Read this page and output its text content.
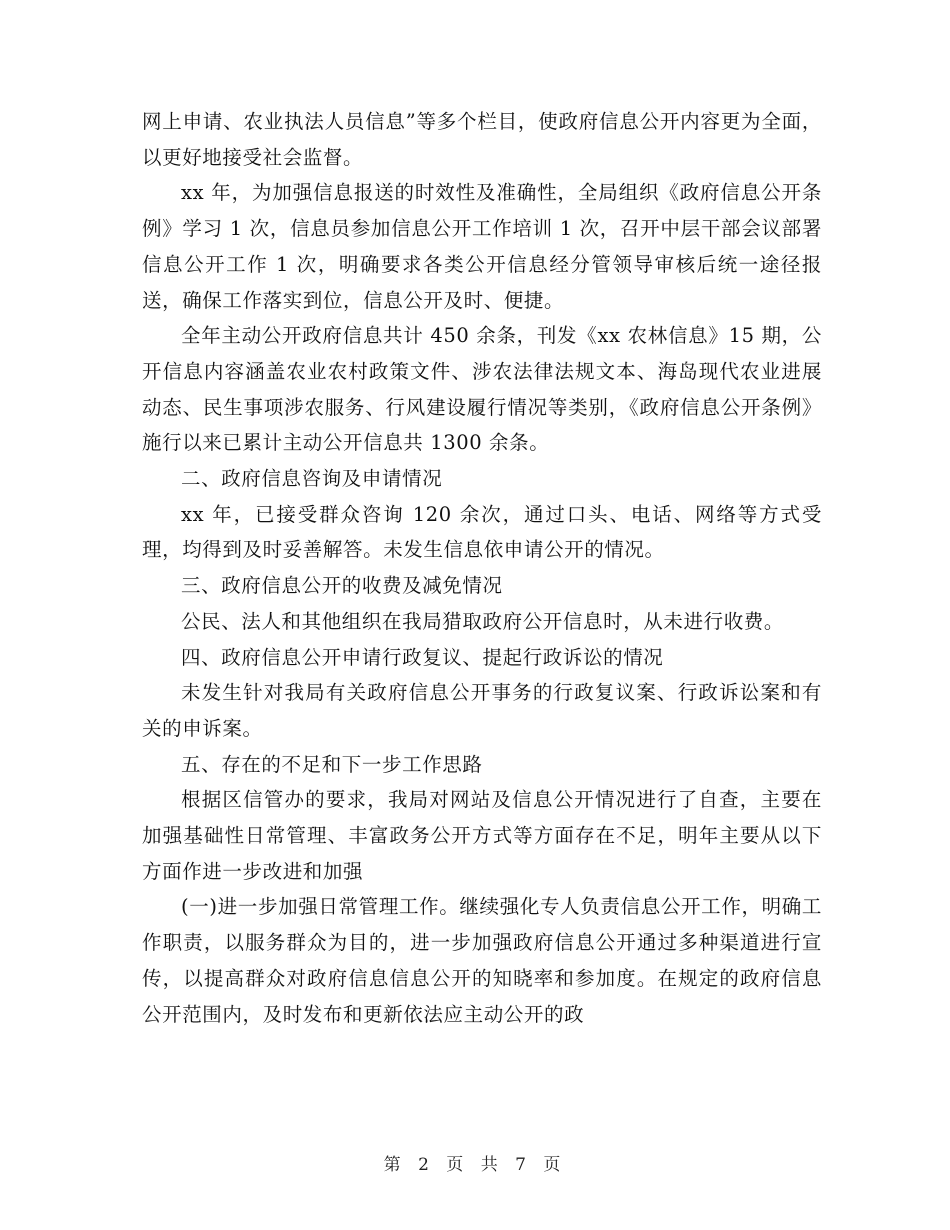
网上申请、农业执法人员信息”等多个栏目，使政府信息公开内容更为全面，以更好地接受社会监督。

xx 年，为加强信息报送的时效性及准确性，全局组织《政府信息公开条例》学习 1 次，信息员参加信息公开工作培训 1 次，召开中层干部会议部署信息公开工作 1 次，明确要求各类公开信息经分管领导审核后统一途径报送，确保工作落实到位，信息公开及时、便捷。

全年主动公开政府信息共计 450 余条，刊发《xx 农林信息》15 期，公开信息内容涵盖农业农村政策文件、涉农法律法规文本、海岛现代农业进展动态、民生事项涉农服务、行风建设履行情况等类别，《政府信息公开条例》施行以来已累计主动公开信息共 1300 余条。

二、政府信息咨询及申请情况

xx 年，已接受群众咨询 120 余次，通过口头、电话、网络等方式受理，均得到及时妥善解答。未发生信息依申请公开的情况。

三、政府信息公开的收费及减免情况

公民、法人和其他组织在我局猎取政府公开信息时，从未进行收费。

四、政府信息公开申请行政复议、提起行政诉讼的情况

未发生针对我局有关政府信息公开事务的行政复议案、行政诉讼案和有关的申诉案。

五、存在的不足和下一步工作思路

根据区信管办的要求，我局对网站及信息公开情况进行了自查，主要在加强基础性日常管理、丰富政务公开方式等方面存在不足，明年主要从以下方面作进一步改进和加强

(一)进一步加强日常管理工作。继续强化专人负责信息公开工作，明确工作职责，以服务群众为目的，进一步加强政府信息公开通过多种渠道进行宣传，以提高群众对政府信息信息公开的知晓率和参加度。在规定的政府信息公开范围内，及时发布和更新依法应主动公开的政

第 2 页 共 7 页
